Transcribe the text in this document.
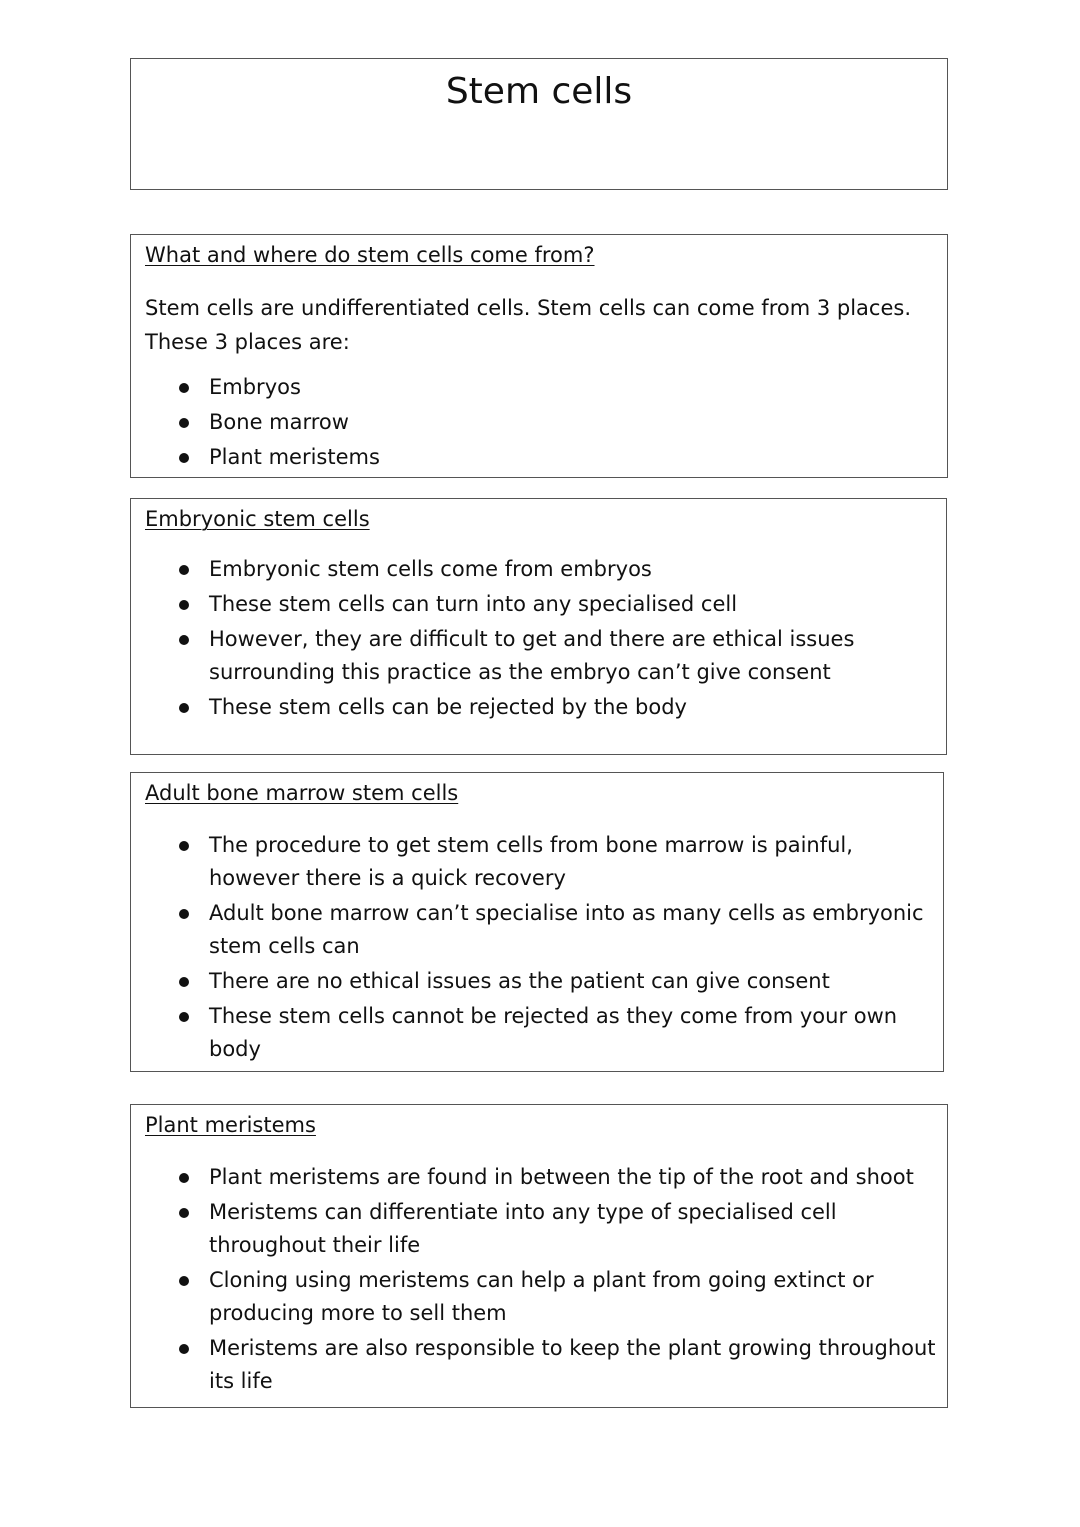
Stem cells
What and where do stem cells come from?

Stem cells are undifferentiated cells. Stem cells can come from 3 places. These 3 places are:

Embryos
Bone marrow
Plant meristems
Embryonic stem cells
Embryonic stem cells come from embryos
These stem cells can turn into any specialised cell
However, they are difficult to get and there are ethical issues surrounding this practice as the embryo can’t give consent
These stem cells can be rejected by the body
Adult bone marrow stem cells
The procedure to get stem cells from bone marrow is painful, however there is a quick recovery
Adult bone marrow can’t specialise into as many cells as embryonic stem cells can
There are no ethical issues as the patient can give consent
These stem cells cannot be rejected as they come from your own body
Plant meristems
Plant meristems are found in between the tip of the root and shoot
Meristems can differentiate into any type of specialised cell throughout their life
Cloning using meristems can help a plant from going extinct or producing more to sell them
Meristems are also responsible to keep the plant growing throughout its life
